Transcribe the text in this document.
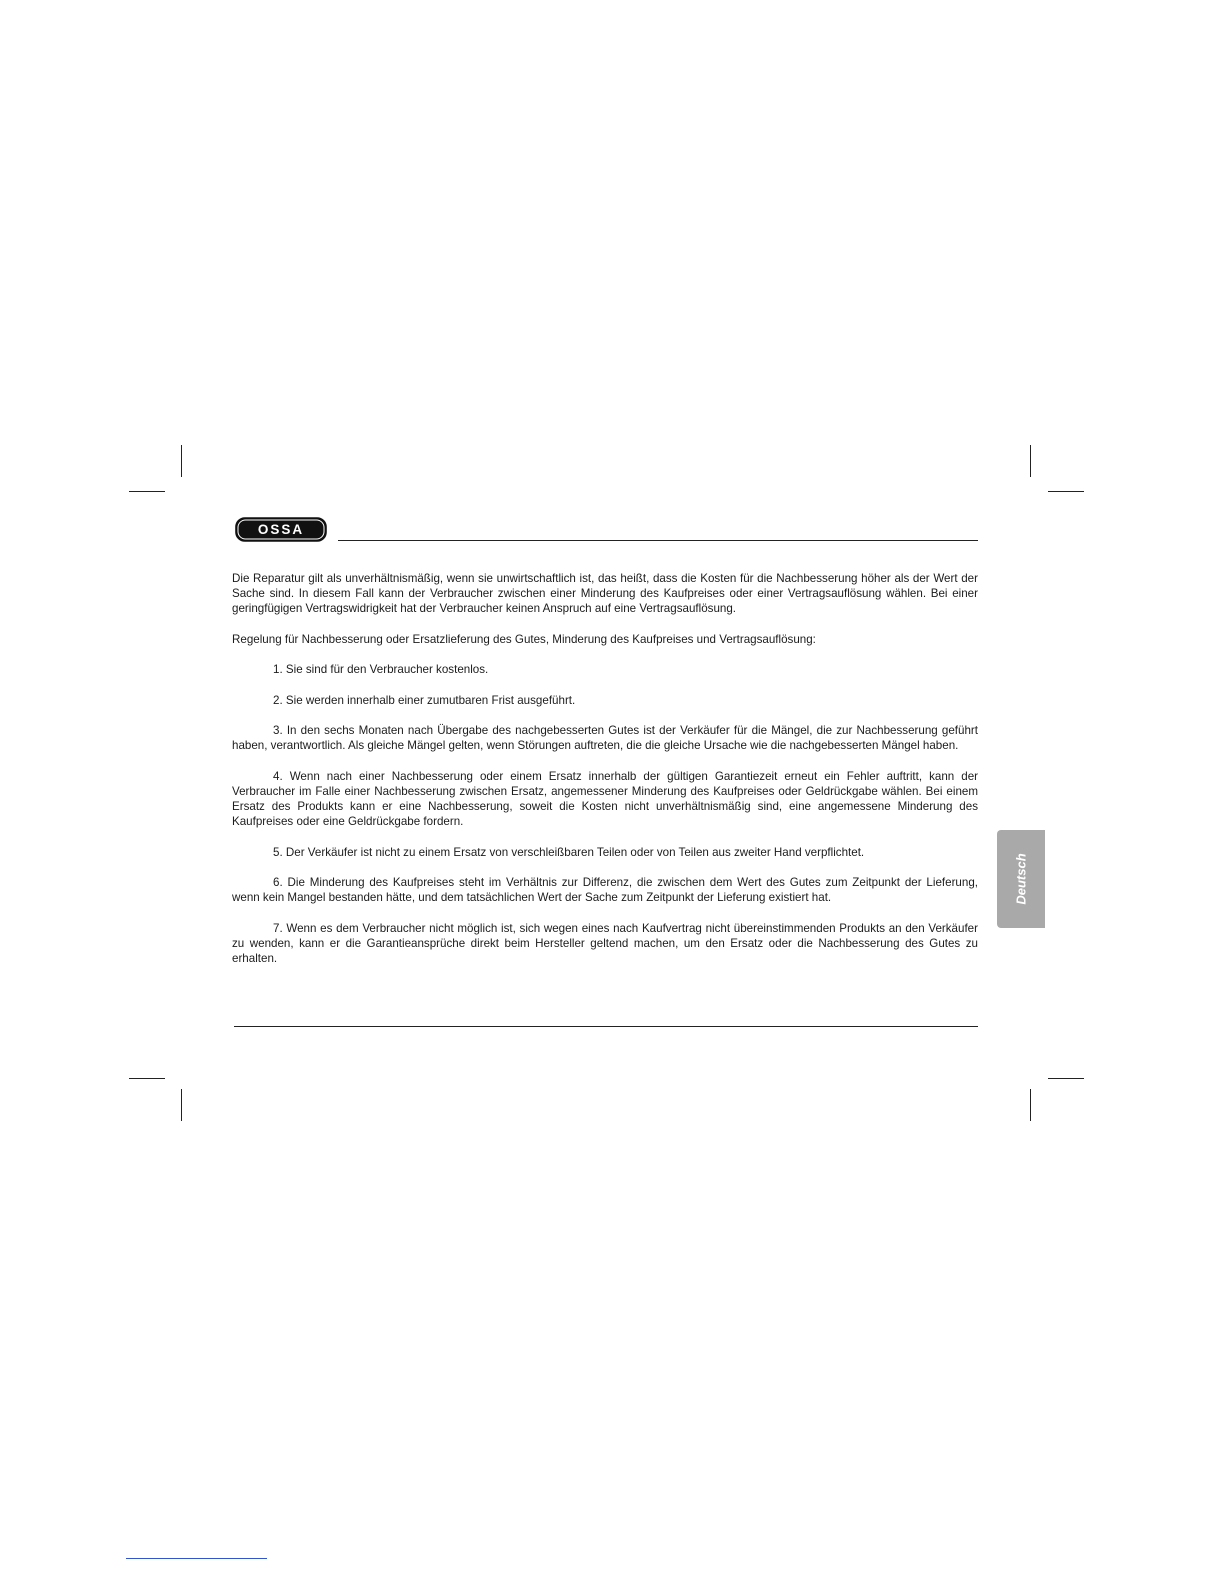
OSSA

Die Reparatur gilt als unverhältnismäßig, wenn sie unwirtschaftlich ist, das heißt, dass die Kosten für die Nachbesserung höher als der Wert der Sache sind. In diesem Fall kann der Verbraucher zwischen einer Minderung des Kaufpreises oder einer Vertragsauflösung wählen. Bei einer geringfügigen Vertragswidrigkeit hat der Verbraucher keinen Anspruch auf eine Vertragsauflösung.

Regelung für Nachbesserung oder Ersatzlieferung des Gutes, Minderung des Kaufpreises und Vertragsauflösung:

1. Sie sind für den Verbraucher kostenlos.

2. Sie werden innerhalb einer zumutbaren Frist ausgeführt.

3. In den sechs Monaten nach Übergabe des nachgebesserten Gutes ist der Verkäufer für die Mängel, die zur Nachbesserung geführt haben, verantwortlich. Als gleiche Mängel gelten, wenn Störungen auftreten, die die gleiche Ursache wie die nachgebesserten Mängel haben.

4. Wenn nach einer Nachbesserung oder einem Ersatz innerhalb der gültigen Garantiezeit erneut ein Fehler auftritt, kann der Verbraucher im Falle einer Nachbesserung zwischen Ersatz, angemessener Minderung des Kaufpreises oder Geldrückgabe wählen. Bei einem Ersatz des Produkts kann er eine Nachbesserung, soweit die Kosten nicht unverhältnismäßig sind, eine angemessene Minderung des Kaufpreises oder eine Geldrückgabe fordern.

5. Der Verkäufer ist nicht zu einem Ersatz von verschleißbaren Teilen oder von Teilen aus zweiter Hand verpflichtet.

6. Die Minderung des Kaufpreises steht im Verhältnis zur Differenz, die zwischen dem Wert des Gutes zum Zeitpunkt der Lieferung, wenn kein Mangel bestanden hätte, und dem tatsächlichen Wert der Sache zum Zeitpunkt der Lieferung existiert hat.

7. Wenn es dem Verbraucher nicht möglich ist, sich wegen eines nach Kaufvertrag nicht übereinstimmenden Produkts an den Verkäufer zu wenden, kann er die Garantieansprüche direkt beim Hersteller geltend machen, um den Ersatz oder die Nachbesserung des Gutes zu erhalten.

Deutsch
